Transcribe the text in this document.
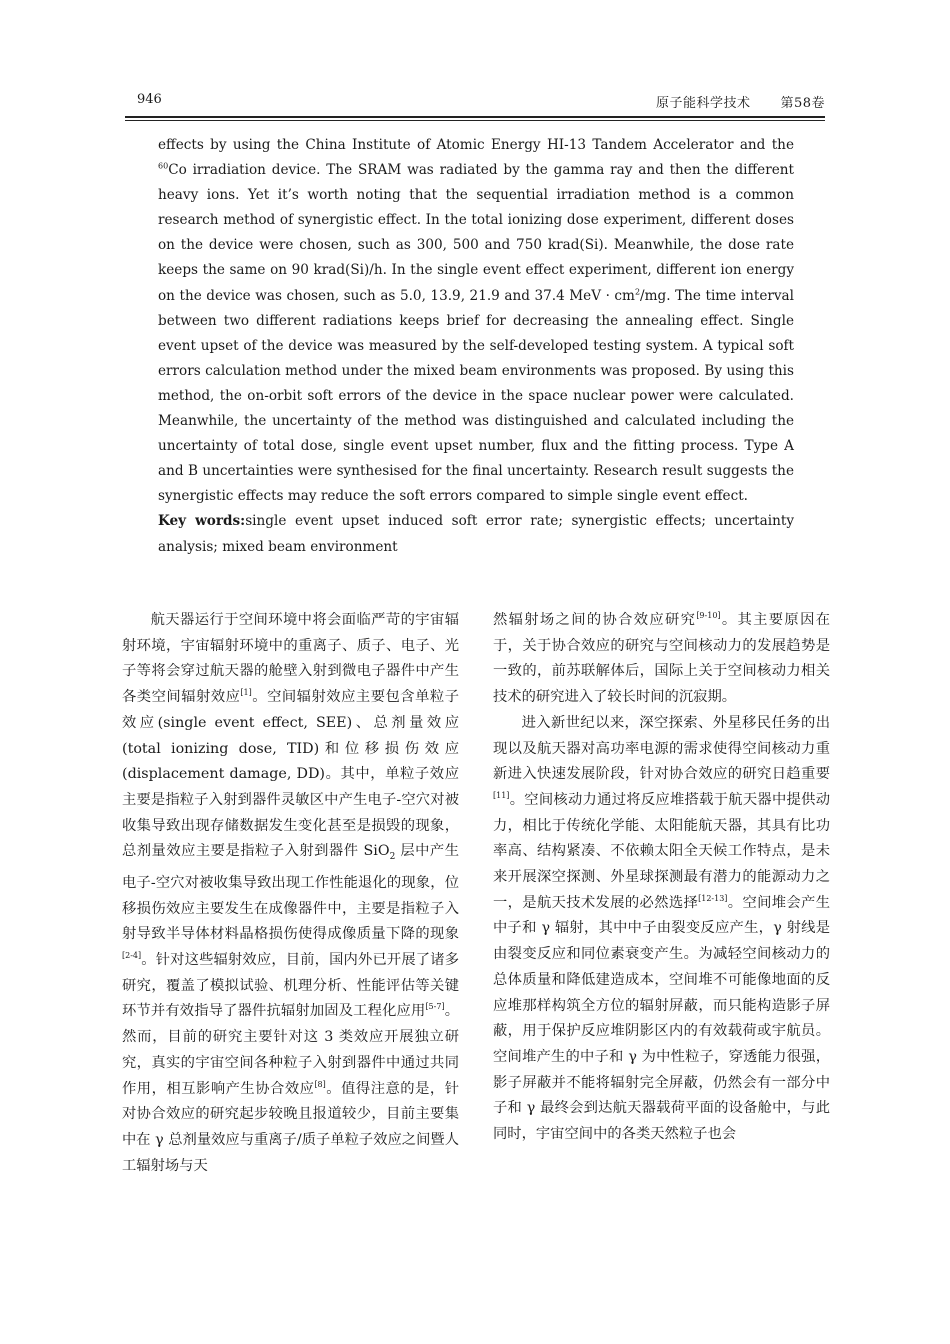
946	原子能科学技术 第58卷

effects by using the China Institute of Atomic Energy HI-13 Tandem Accelerator and the $^{60}$Co irradiation device. The SRAM was radiated by the gamma ray and then the different heavy ions. Yet it’s worth noting that the sequential irradiation method is a common research method of synergistic effect. In the total ionizing dose experiment, different doses on the device were chosen, such as 300, 500 and 750 krad(Si). Meanwhile, the dose rate keeps the same on 90 krad(Si)/h. In the single event effect experiment, different ion energy on the device was chosen, such as 5.0, 13.9, 21.9 and 37.4 MeV · $cm^2/mg$. The time interval between two different radiations keeps brief for decreasing the annealing effect. Single event upset of the device was measured by the self-developed testing system. A typical soft errors calculation method under the mixed beam environments was proposed. By using this method, the on-orbit soft errors of the device in the space nuclear power were calculated. Meanwhile, the uncertainty of the method was distinguished and calculated including the uncertainty of total dose, single event upset number, flux and the fitting process. Type A and B uncertainties were synthesised for the final uncertainty. Research result suggests the synergistic effects may reduce the soft errors compared to simple single event effect.

Key words:single event upset induced soft error rate; synergistic effects; uncertainty analysis; mixed beam environment

航天器运行于空间环境中将会面临严苛的宇宙辐射环境，宇宙辐射环境中的重离子、质子、电子、光子等将会穿过航天器的舱壁入射到微电子器件中产生各类空间辐射效应[1]。空间辐射效应主要包含单粒子效应(single event effect, SEE)、总剂量效应(total ionizing dose, TID)和位移损伤效应(displacement damage, DD)。其中，单粒子效应主要是指粒子入射到器件灵敏区中产生电子-空穴对被收集导致出现存储数据发生变化甚至是损毁的现象，总剂量效应主要是指粒子入射到器件 SiO$_2$ 层中产生电子-空穴对被收集导致出现工作性能退化的现象，位移损伤效应主要发生在成像器件中，主要是指粒子入射导致半导体材料晶格损伤使得成像质量下降的现象[2-4]。针对这些辐射效应，目前，国内外已开展了诸多研究，覆盖了模拟试验、机理分析、性能评估等关键环节并有效指导了器件抗辐射加固及工程化应用[5-7]。然而，目前的研究主要针对这 3 类效应开展独立研究，真实的宇宙空间各种粒子入射到器件中通过共同作用，相互影响产生协合效应[8]。值得注意的是，针对协合效应的研究起步较晚且报道较少，目前主要集中在 γ 总剂量效应与重离子/质子单粒子效应之间暨人工辐射场与天

然辐射场之间的协合效应研究[9-10]。其主要原因在于，关于协合效应的研究与空间核动力的发展趋势是一致的，前苏联解体后，国际上关于空间核动力相关技术的研究进入了较长时间的沉寂期。

进入新世纪以来，深空探索、外星移民任务的出现以及航天器对高功率电源的需求使得空间核动力重新进入快速发展阶段，针对协合效应的研究日趋重要[11]。空间核动力通过将反应堆搭载于航天器中提供动力，相比于传统化学能、太阳能航天器，其具有比功率高、结构紧凑、不依赖太阳全天候工作特点，是未来开展深空探测、外星球探测最有潜力的能源动力之一，是航天技术发展的必然选择[12-13]。空间堆会产生中子和 γ 辐射，其中中子由裂变反应产生，γ 射线是由裂变反应和同位素衰变产生。为减轻空间核动力的总体质量和降低建造成本，空间堆不可能像地面的反应堆那样构筑全方位的辐射屏蔽，而只能构造影子屏蔽，用于保护反应堆阴影区内的有效载荷或宇航员。空间堆产生的中子和 γ 为中性粒子，穿透能力很强，影子屏蔽并不能将辐射完全屏蔽，仍然会有一部分中子和 γ 最终会到达航天器载荷平面的设备舱中，与此同时，宇宙空间中的各类天然粒子也会
